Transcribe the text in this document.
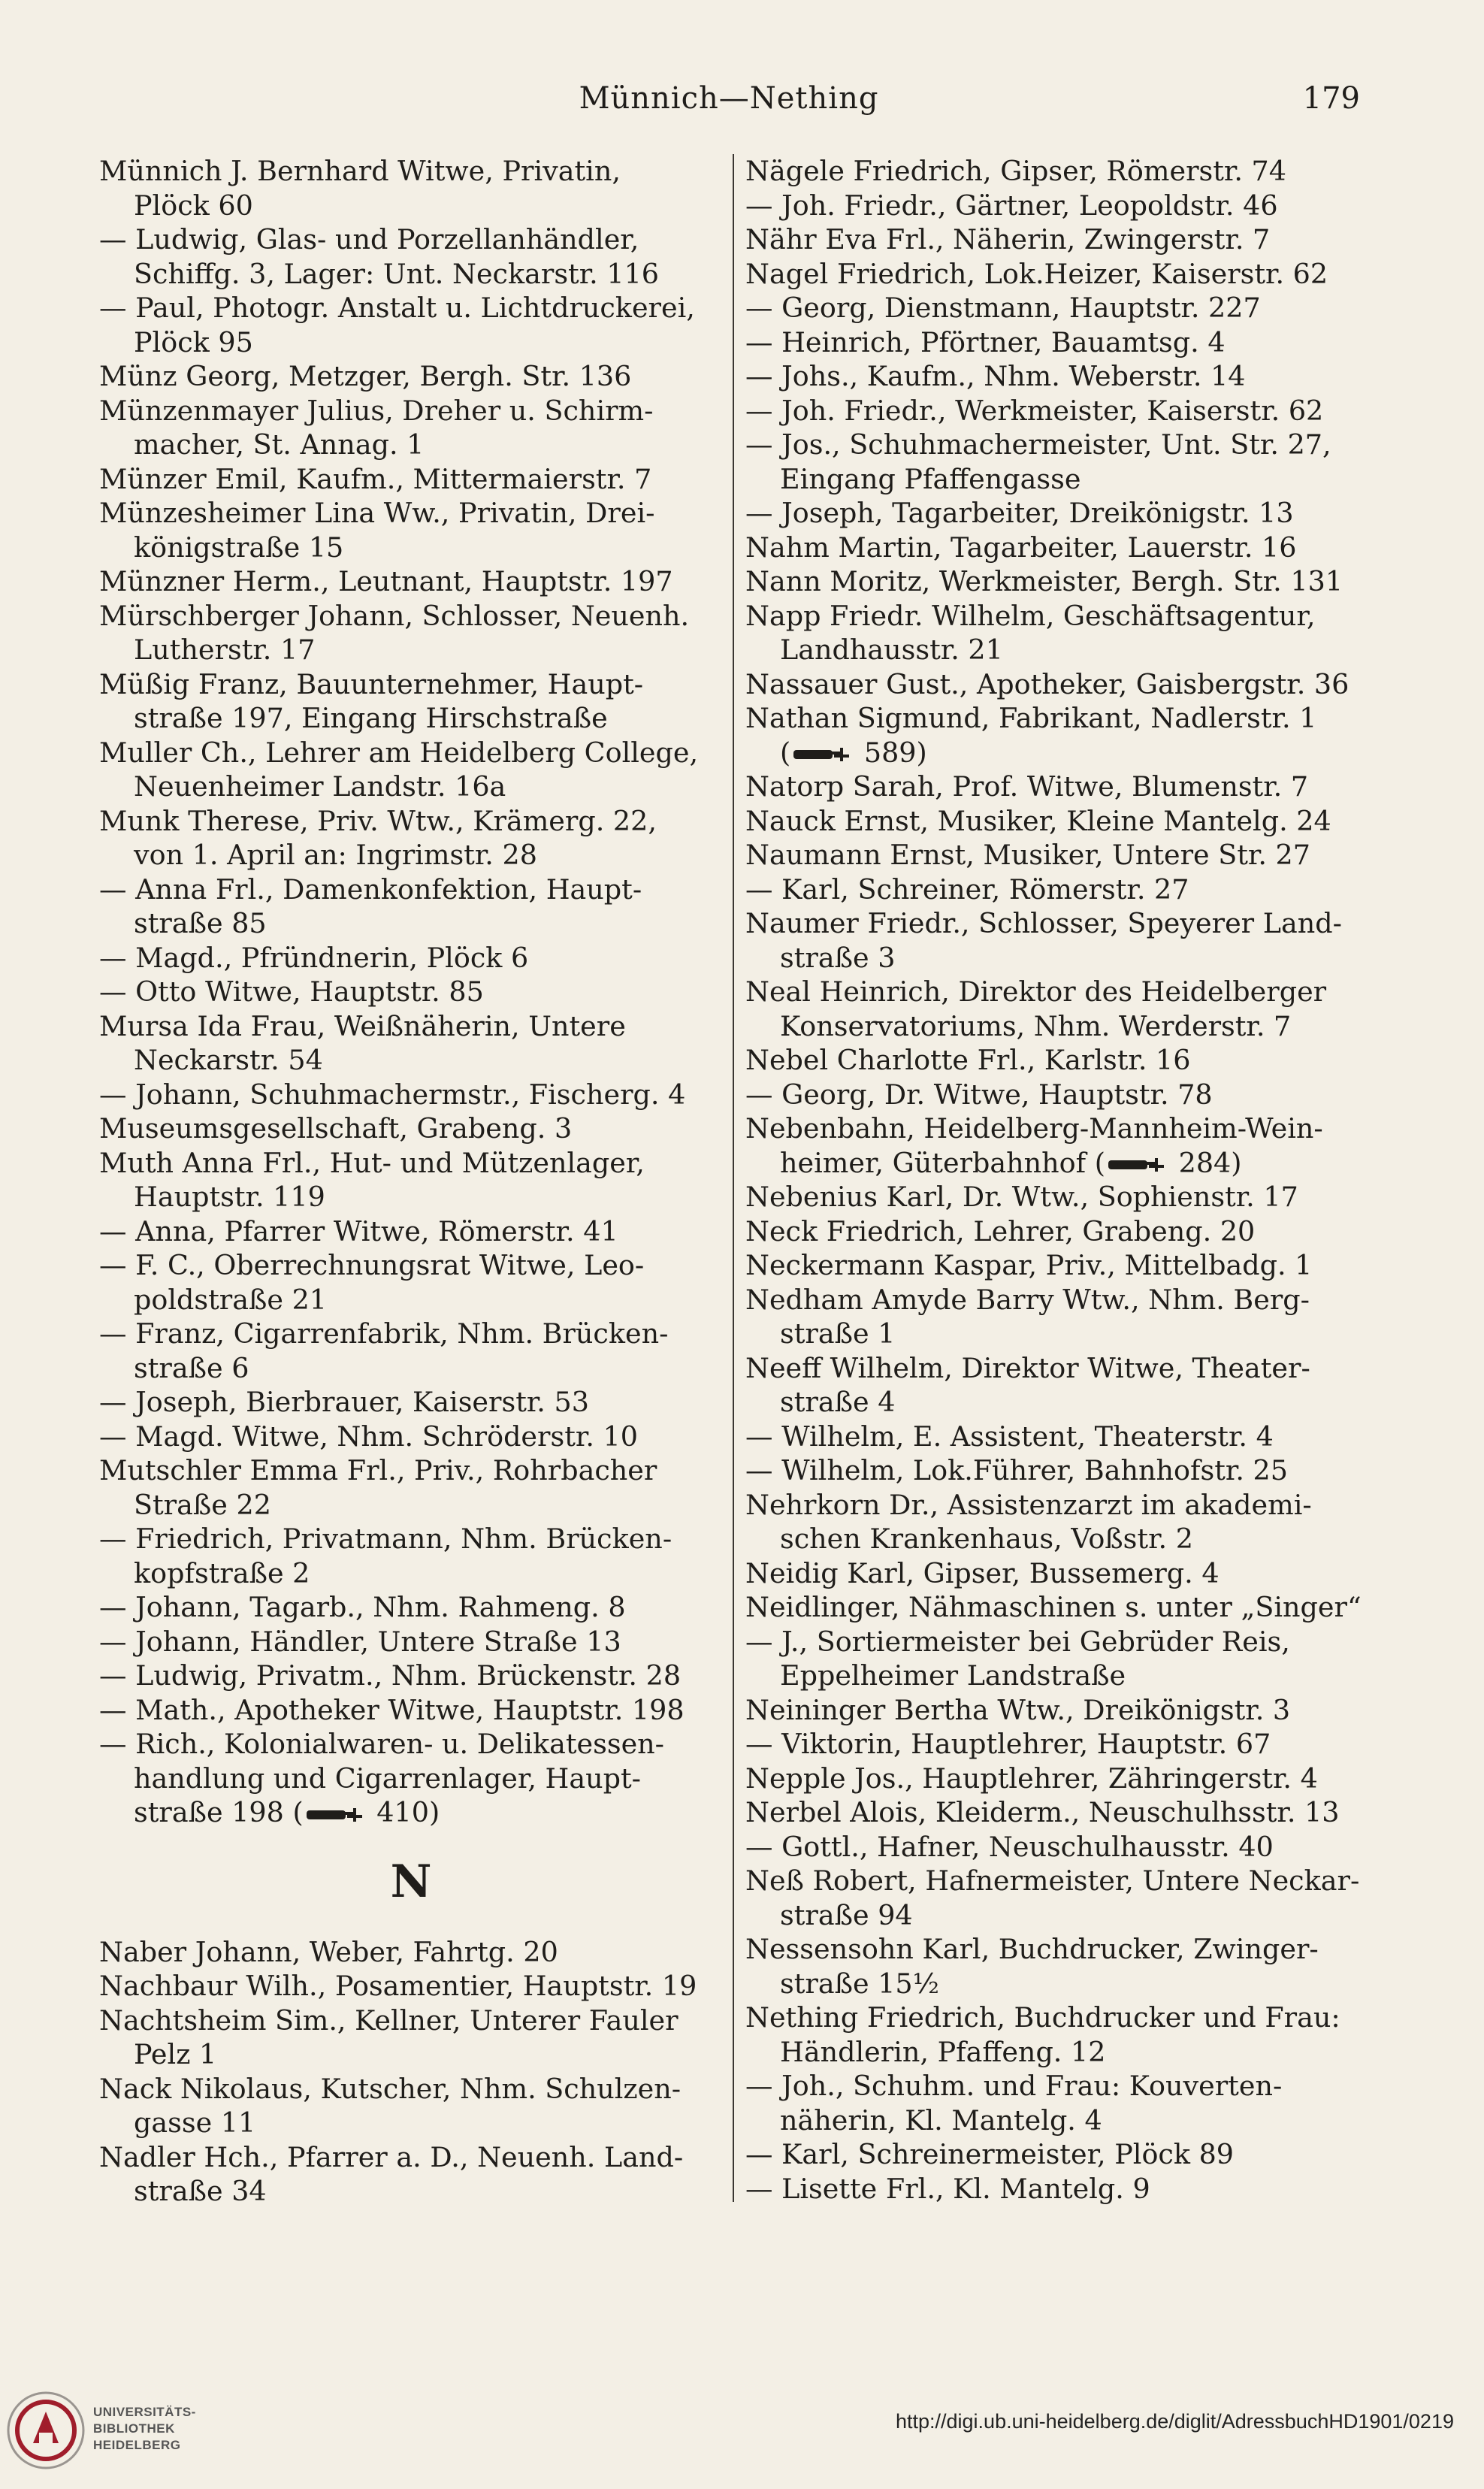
Münnich—Nething	179
Münnich J. Bernhard Witwe, Privatin,
Plöck 60
— Ludwig, Glas- und Porzellanhändler,
Schiffg. 3, Lager: Unt. Neckarstr. 116
— Paul, Photogr. Anstalt u. Lichtdruckerei,
Plöck 95
Münz Georg, Metzger, Bergh. Str. 136
Münzenmayer Julius, Dreher u. Schirm-
macher, St. Annag. 1
Münzer Emil, Kaufm., Mittermaierstr. 7
Münzesheimer Lina Ww., Privatin, Drei-
königstraße 15
Münzner Herm., Leutnant, Hauptstr. 197
Mürschberger Johann, Schlosser, Neuenh.
Lutherstr. 17
Müßig Franz, Bauunternehmer, Haupt-
straße 197, Eingang Hirschstraße
Muller Ch., Lehrer am Heidelberg College,
Neuenheimer Landstr. 16a
Munk Therese, Priv. Wtw., Krämerg. 22,
von 1. April an: Ingrimstr. 28
— Anna Frl., Damenkonfektion, Haupt-
straße 85
— Magd., Pfründnerin, Plöck 6
— Otto Witwe, Hauptstr. 85
Mursa Ida Frau, Weißnäherin, Untere
Neckarstr. 54
— Johann, Schuhmachermstr., Fischerg. 4
Museumsgesellschaft, Grabeng. 3
Muth Anna Frl., Hut- und Mützenlager,
Hauptstr. 119
— Anna, Pfarrer Witwe, Römerstr. 41
— F. C., Oberrechnungsrat Witwe, Leo-
poldstraße 21
— Franz, Cigarrenfabrik, Nhm. Brücken-
straße 6
— Joseph, Bierbrauer, Kaiserstr. 53
— Magd. Witwe, Nhm. Schröderstr. 10
Mutschler Emma Frl., Priv., Rohrbacher
Straße 22
— Friedrich, Privatmann, Nhm. Brücken-
kopfstraße 2
— Johann, Tagarb., Nhm. Rahmeng. 8
— Johann, Händler, Untere Straße 13
— Ludwig, Privatm., Nhm. Brückenstr. 28
— Math., Apotheker Witwe, Hauptstr. 198
— Rich., Kolonialwaren- u. Delikatessen-
handlung und Cigarrenlager, Haupt-
straße 198 ( 410)
N
Naber Johann, Weber, Fahrtg. 20
Nachbaur Wilh., Posamentier, Hauptstr. 19
Nachtsheim Sim., Kellner, Unterer Fauler
Pelz 1
Nack Nikolaus, Kutscher, Nhm. Schulzen-
gasse 11
Nadler Hch., Pfarrer a. D., Neuenh. Land-
straße 34
Nägele Friedrich, Gipser, Römerstr. 74
— Joh. Friedr., Gärtner, Leopoldstr. 46
Nähr Eva Frl., Näherin, Zwingerstr. 7
Nagel Friedrich, Lok.Heizer, Kaiserstr. 62
— Georg, Dienstmann, Hauptstr. 227
— Heinrich, Pförtner, Bauamtsg. 4
— Johs., Kaufm., Nhm. Weberstr. 14
— Joh. Friedr., Werkmeister, Kaiserstr. 62
— Jos., Schuhmachermeister, Unt. Str. 27,
Eingang Pfaffengasse
— Joseph, Tagarbeiter, Dreikönigstr. 13
Nahm Martin, Tagarbeiter, Lauerstr. 16
Nann Moritz, Werkmeister, Bergh. Str. 131
Napp Friedr. Wilhelm, Geschäftsagentur,
Landhausstr. 21
Nassauer Gust., Apotheker, Gaisbergstr. 36
Nathan Sigmund, Fabrikant, Nadlerstr. 1
( 589)
Natorp Sarah, Prof. Witwe, Blumenstr. 7
Nauck Ernst, Musiker, Kleine Mantelg. 24
Naumann Ernst, Musiker, Untere Str. 27
— Karl, Schreiner, Römerstr. 27
Naumer Friedr., Schlosser, Speyerer Land-
straße 3
Neal Heinrich, Direktor des Heidelberger
Konservatoriums, Nhm. Werderstr. 7
Nebel Charlotte Frl., Karlstr. 16
— Georg, Dr. Witwe, Hauptstr. 78
Nebenbahn, Heidelberg-Mannheim-Wein-
heimer, Güterbahnhof ( 284)
Nebenius Karl, Dr. Wtw., Sophienstr. 17
Neck Friedrich, Lehrer, Grabeng. 20
Neckermann Kaspar, Priv., Mittelbadg. 1
Nedham Amyde Barry Wtw., Nhm. Berg-
straße 1
Neeff Wilhelm, Direktor Witwe, Theater-
straße 4
— Wilhelm, E. Assistent, Theaterstr. 4
— Wilhelm, Lok.Führer, Bahnhofstr. 25
Nehrkorn Dr., Assistenzarzt im akademi-
schen Krankenhaus, Voßstr. 2
Neidig Karl, Gipser, Bussemerg. 4
Neidlinger, Nähmaschinen s. unter „Singer“
— J., Sortiermeister bei Gebrüder Reis,
Eppelheimer Landstraße
Neininger Bertha Wtw., Dreikönigstr. 3
— Viktorin, Hauptlehrer, Hauptstr. 67
Nepple Jos., Hauptlehrer, Zähringerstr. 4
Nerbel Alois, Kleiderm., Neuschulhsstr. 13
— Gottl., Hafner, Neuschulhausstr. 40
Neß Robert, Hafnermeister, Untere Neckar-
straße 94
Nessensohn Karl, Buchdrucker, Zwinger-
straße 15½
Nething Friedrich, Buchdrucker und Frau:
Händlerin, Pfaffeng. 12
— Joh., Schuhm. und Frau: Kouverten-
näherin, Kl. Mantelg. 4
— Karl, Schreinermeister, Plöck 89
— Lisette Frl., Kl. Mantelg. 9
UNIVERSITÄTS-
BIBLIOTHEK
HEIDELBERG
http://digi.ub.uni-heidelberg.de/diglit/AdressbuchHD1901/0219
